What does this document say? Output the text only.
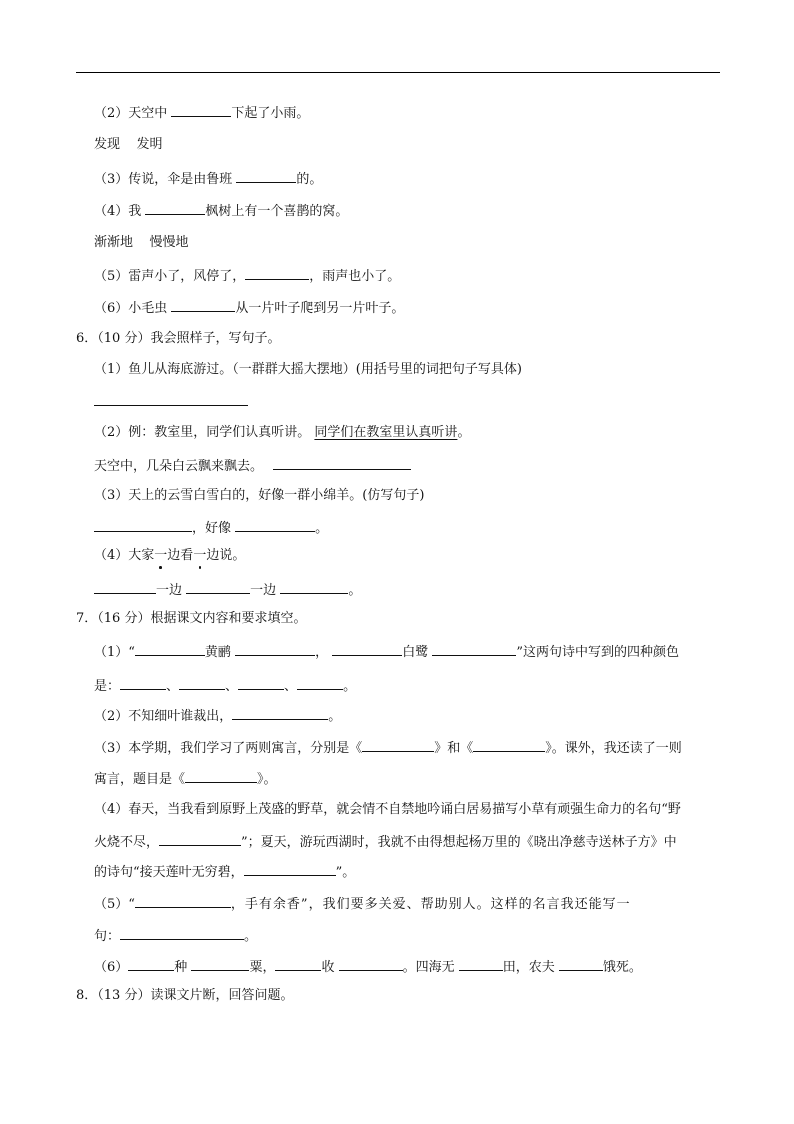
（2）天空中	下起了小雨。
发现    发明
（3）传说，伞是由鲁班	的。
（4）我	枫树上有一个喜鹊的窝。
渐渐地    慢慢地
（5）雷声小了，风停了，	，雨声也小了。
（6）小毛虫	从一片叶子爬到另一片叶子。
6．（10 分）我会照样子，写句子。
（1）鱼儿从海底游过。（一群群大摇大摆地）(用括号里的词把句子写具体)
（2）例：教室里，同学们认真听讲。 同学们在教室里认真听讲。
天空中，几朵白云飘来飘去。
（3）天上的云雪白雪白的，好像一群小绵羊。(仿写句子)
，好像	。
（4）大家一边看一边说。
一边	一边	。
7．（16 分）根据课文内容和要求填空。
（1）“	黄鹂	，	白鹭	”这两句诗中写到的四种颜色
是：	、	、	、	。
（2）不知细叶谁裁出，	。
（3）本学期，我们学习了两则寓言，分别是《	》和《	》。课外，我还读了一则
寓言，题目是《	》。
（4）春天，当我看到原野上茂盛的野草，就会情不自禁地吟诵白居易描写小草有顽强生命力的名句“野
火烧不尽，	”；夏天，游玩西湖时，我就不由得想起杨万里的《晓出净慈寺送林子方》中
的诗句“接天莲叶无穷碧，	”。
（5）“	，手有余香”，我们要多关爱、帮助别人。这样的名言我还能写一
句：	。
（6）	种	粟，	收	。四海无	田，农夫	饿死。
8．（13 分）读课文片断，回答问题。
